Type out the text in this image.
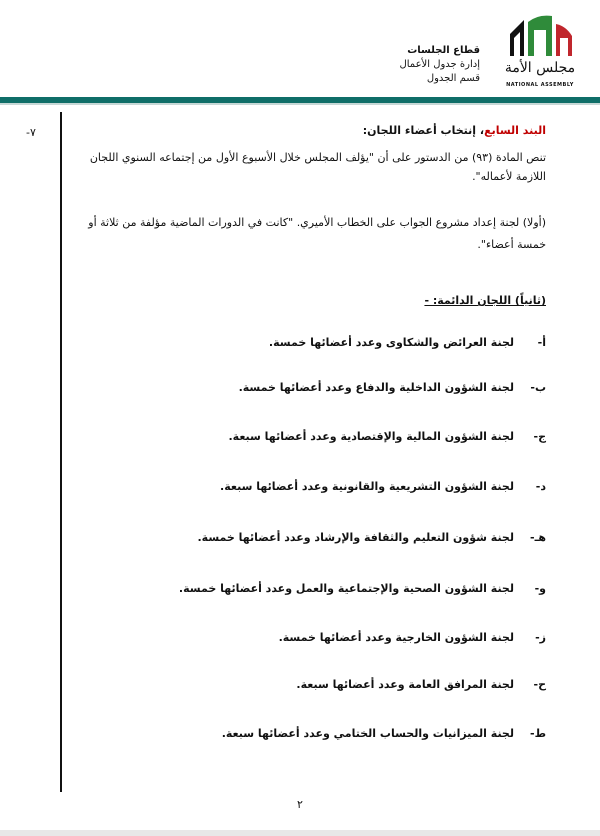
مجلس الأمة
NATIONAL ASSEMBLY
قطاع الجلسات
إدارة جدول الأعمال
قسم الجدول
-٧	البند السابع، إنتخاب أعضاء اللجان:
تنص المادة (٩٣) من الدستور على أن "يؤلف المجلس خلال الأسبوع الأول من إجتماعه السنوي اللجان اللازمة لأعماله".
(أولا) لجنة إعداد مشروع الجواب على الخطاب الأميري. "كانت في الدورات الماضية مؤلفة من ثلاثة أو خمسة أعضاء".
(ثانياً) اللجان الدائمة: -
أ-
لجنة العرائض والشكاوى وعدد أعضائها خمسة.
ب-
لجنة الشؤون الداخلية والدفاع وعدد أعضائها خمسة.
ج-
لجنة الشؤون المالية والإقتصادية وعدد أعضائها سبعة.
د-
لجنة الشؤون التشريعية والقانونية وعدد أعضائها سبعة.
هـ-
لجنة شؤون التعليم والثقافة والإرشاد وعدد أعضائها خمسة.
و-
لجنة الشؤون الصحية والإجتماعية والعمل وعدد أعضائها خمسة.
ز-
لجنة الشؤون الخارجية وعدد أعضائها خمسة.
ح-
لجنة المرافق العامة وعدد أعضائها سبعة.
ط-
لجنة الميزانيات والحساب الختامي وعدد أعضائها سبعة.
٢
